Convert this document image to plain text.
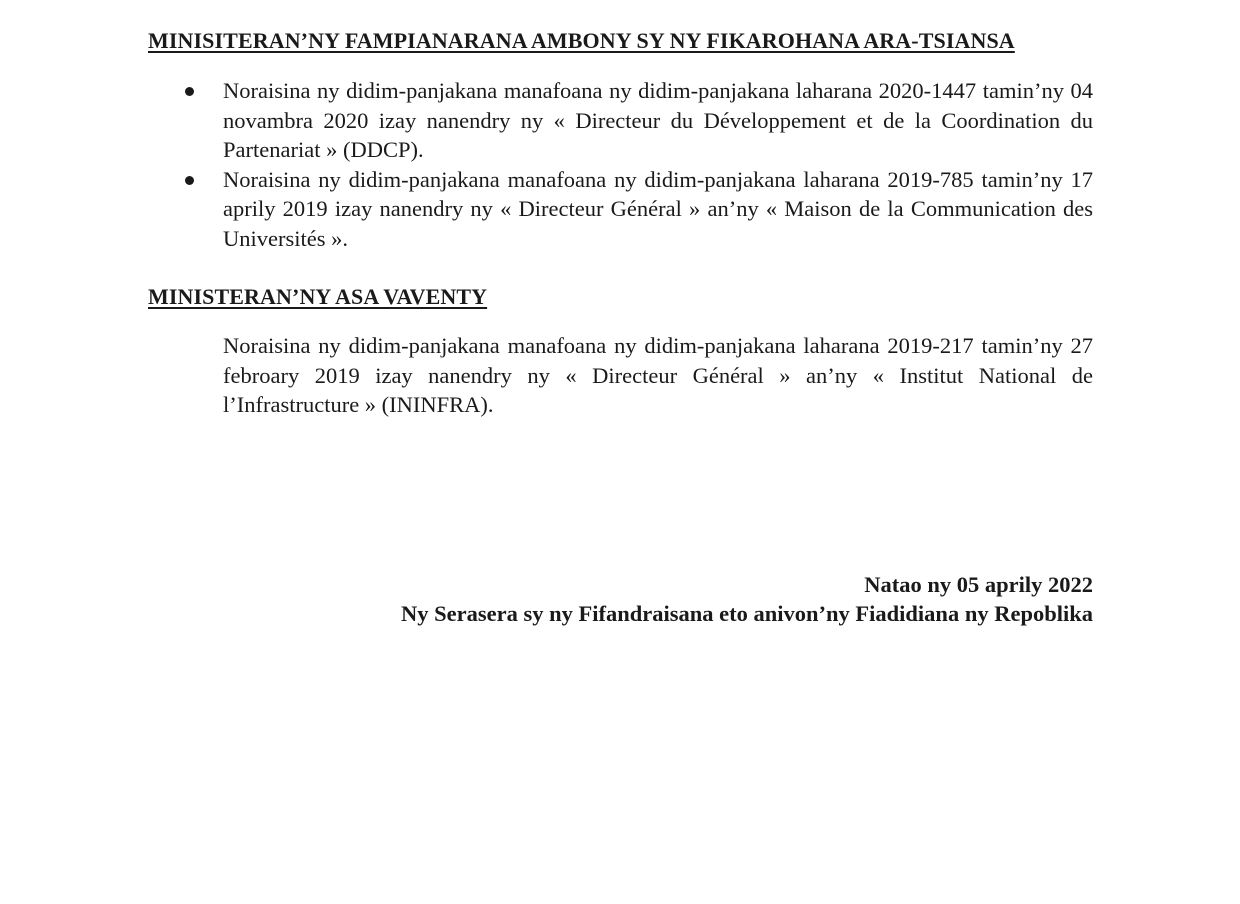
MINISITERAN’NY FAMPIANARANA AMBONY SY NY FIKAROHANA ARA-TSIANSA
Noraisina ny didim-panjakana manafoana ny didim-panjakana laharana 2020-1447 tamin’ny 04 novambra 2020 izay nanendry ny « Directeur du Développement et de la Coordination du Partenariat » (DDCP).
Noraisina ny didim-panjakana manafoana ny didim-panjakana laharana 2019-785 tamin’ny 17 aprily 2019 izay nanendry ny « Directeur Général » an’ny « Maison de la Communication des Universités ».
MINISTERAN’NY ASA VAVENTY
Noraisina ny didim-panjakana manafoana ny didim-panjakana laharana 2019-217 tamin’ny 27 febroary 2019 izay nanendry ny « Directeur Général » an’ny « Institut National de l’Infrastructure » (ININFRA).
Natao ny 05 aprily 2022
Ny Serasera sy ny Fifandraisana eto anivon’ny Fiadidiana ny Repoblika
